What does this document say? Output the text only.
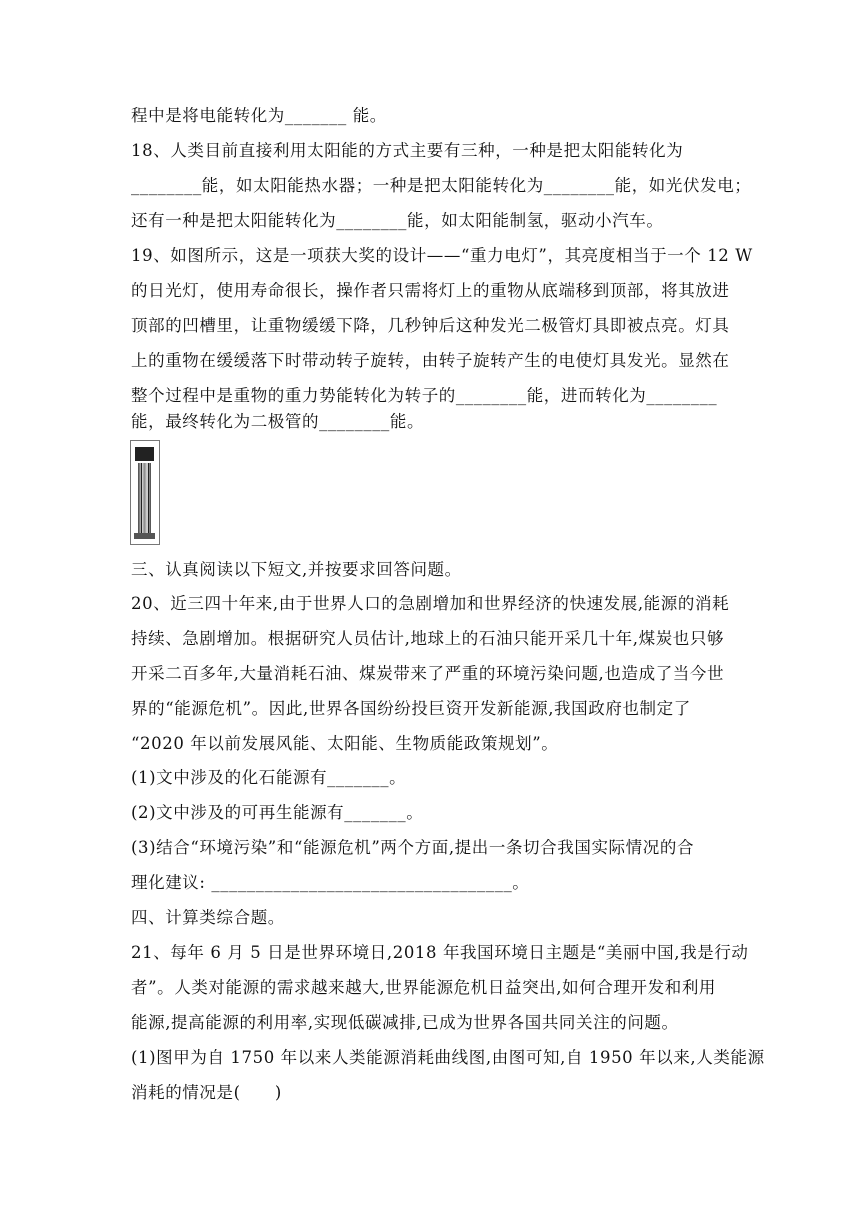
程中是将电能转化为_______ 能。
18、人类目前直接利用太阳能的方式主要有三种，一种是把太阳能转化为
________能，如太阳能热水器；一种是把太阳能转化为________能，如光伏发电；
还有一种是把太阳能转化为________能，如太阳能制氢，驱动小汽车。
19、如图所示，这是一项获大奖的设计——“重力电灯”，其亮度相当于一个 12 W
的日光灯，使用寿命很长，操作者只需将灯上的重物从底端移到顶部，将其放进
顶部的凹槽里，让重物缓缓下降，几秒钟后这种发光二极管灯具即被点亮。灯具
上的重物在缓缓落下时带动转子旋转，由转子旋转产生的电使灯具发光。显然在
整个过程中是重物的重力势能转化为转子的________能，进而转化为________
能，最终转化为二极管的________能。
三、认真阅读以下短文,并按要求回答问题。
20、近三四十年来,由于世界人口的急剧增加和世界经济的快速发展,能源的消耗
持续、急剧增加。根据研究人员估计,地球上的石油只能开采几十年,煤炭也只够
开采二百多年,大量消耗石油、煤炭带来了严重的环境污染问题,也造成了当今世
界的“能源危机”。因此,世界各国纷纷投巨资开发新能源,我国政府也制定了
“2020 年以前发展风能、太阳能、生物质能政策规划”。
(1)文中涉及的化石能源有_______。
(2)文中涉及的可再生能源有_______。
(3)结合“环境污染”和“能源危机”两个方面,提出一条切合我国实际情况的合
理化建议: __________________________________。
四、计算类综合题。
21、每年 6 月 5 日是世界环境日,2018 年我国环境日主题是“美丽中国,我是行动
者”。人类对能源的需求越来越大,世界能源危机日益突出,如何合理开发和利用
能源,提高能源的利用率,实现低碳减排,已成为世界各国共同关注的问题。
(1)图甲为自 1750 年以来人类能源消耗曲线图,由图可知,自 1950 年以来,人类能源
消耗的情况是(　　)
